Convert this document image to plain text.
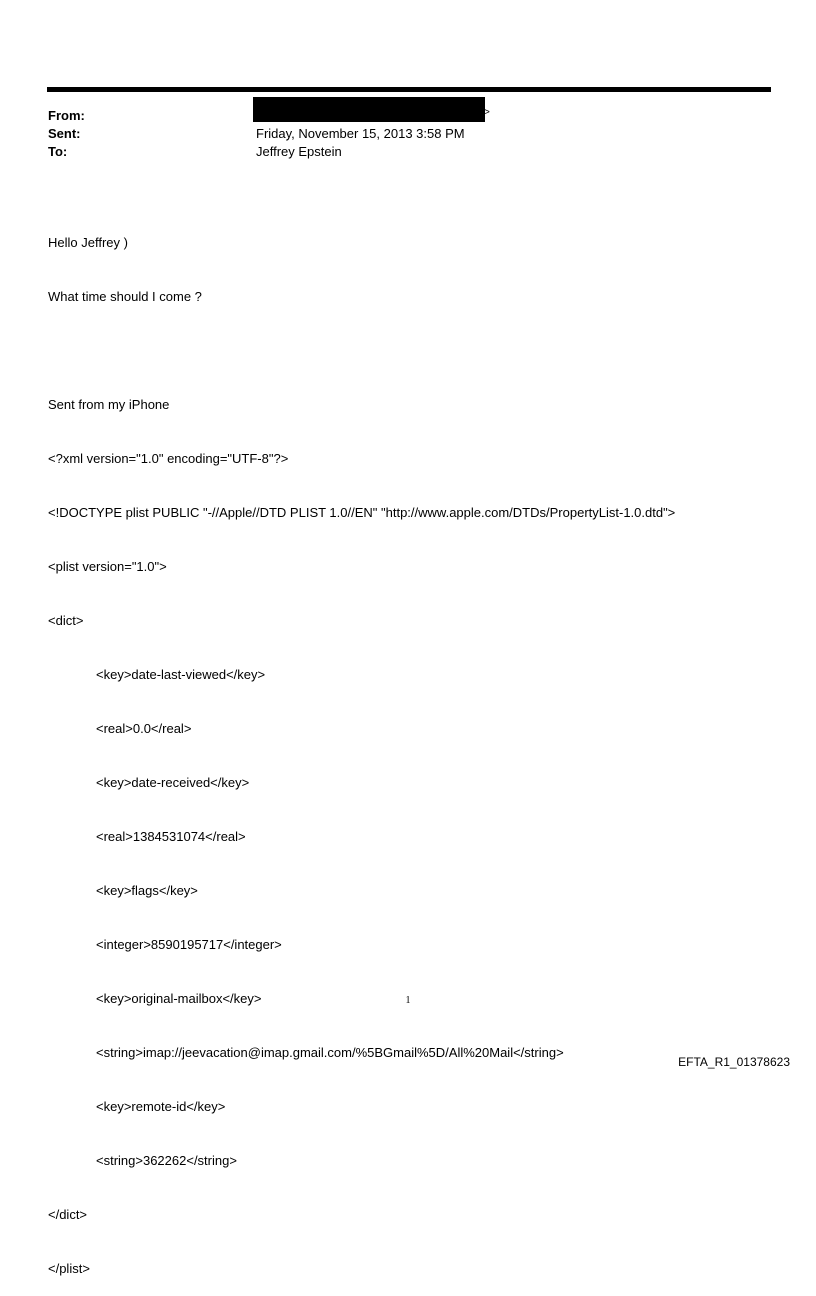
From:	>
Sent:	Friday, November 15, 2013 3:58 PM
To:	Jeffrey Epstein

Hello Jeffrey )

What time should I come ?

Sent from my iPhone

<?xml version="1.0" encoding="UTF-8"?>

<!DOCTYPE plist PUBLIC "-//Apple//DTD PLIST 1.0//EN" "http://www.apple.com/DTDs/PropertyList-1.0.dtd">

<plist version="1.0">

<dict>

<key>date-last-viewed</key>

<real>0.0</real>

<key>date-received</key>

<real>1384531074</real>

<key>flags</key>

<integer>8590195717</integer>

<key>original-mailbox</key>

<string>imap://jeevacation@imap.gmail.com/%5BGmail%5D/All%20Mail</string>

<key>remote-id</key>

<string>362262</string>

</dict>

</plist>

1
EFTA_R1_01378623
